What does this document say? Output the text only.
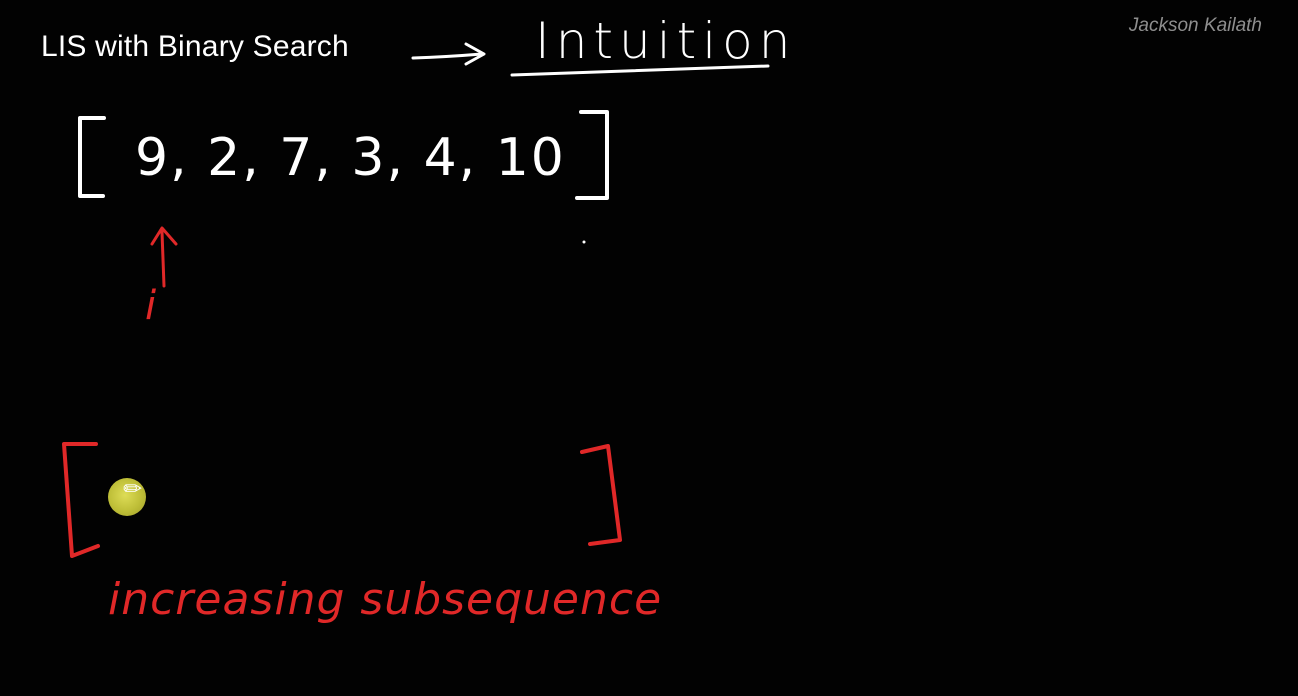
LIS with Binary Search
Jackson Kailath
Intuition
9, 2, 7, 3, 4, 10
i
increasing subsequence
✎
